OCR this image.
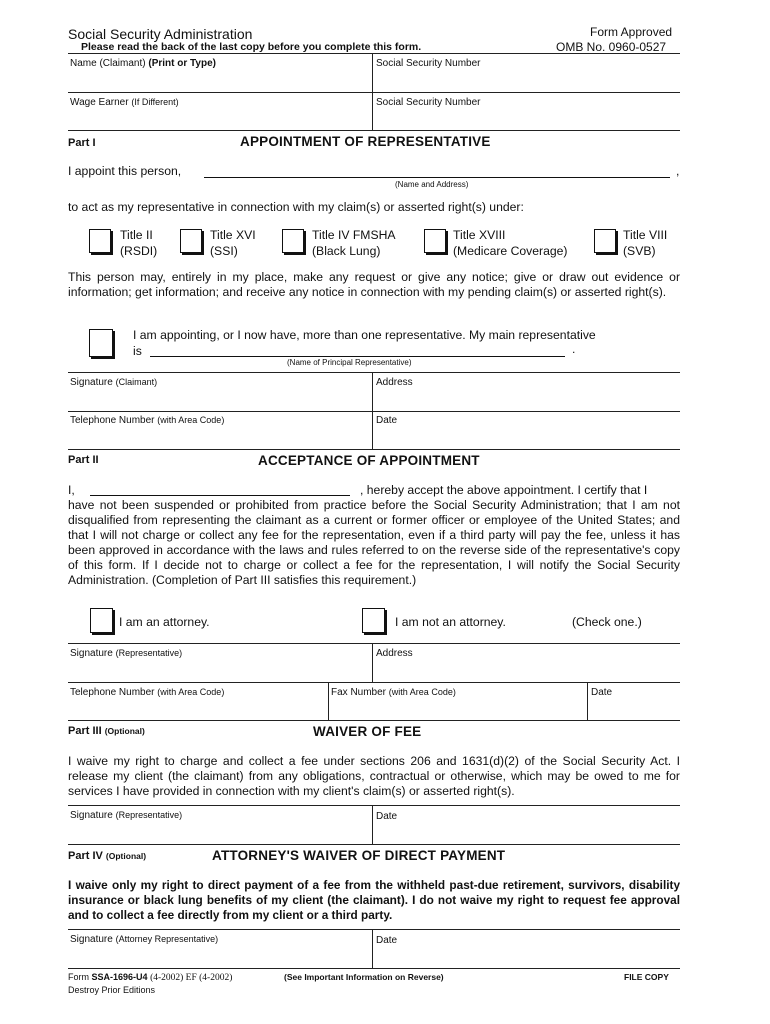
Social Security Administration
Please read the back of the last copy before you complete this form.
Form Approved
OMB No. 0960-0527
Name (Claimant) (Print or Type)	Social Security Number
Wage Earner (If Different)	Social Security Number
Part I	APPOINTMENT OF REPRESENTATIVE
I appoint this person,	,
(Name and Address)
to act as my representative in connection with my claim(s) or asserted right(s) under:
Title II
(RSDI)
Title XVI
(SSI)
Title IV FMSHA
(Black Lung)
Title XVIII
(Medicare Coverage)
Title VIII
(SVB)
This person may, entirely in my place, make any request or give any notice; give or draw out evidence or information; get information; and receive any notice in connection with my pending claim(s) or asserted right(s).
I am appointing, or I now have, more than one representative. My main representative
is	.
(Name of Principal Representative)
Signature (Claimant)	Address
Telephone Number (with Area Code)	Date
Part II	ACCEPTANCE OF APPOINTMENT
I,	, hereby accept the above appointment. I certify that I
have not been suspended or prohibited from practice before the Social Security Administration; that I am not disqualified from representing the claimant as a current or former officer or employee of the United States; and that I will not charge or collect any fee for the representation, even if a third party will pay the fee, unless it has been approved in accordance with the laws and rules referred to on the reverse side of the representative's copy of this form. If I decide not to charge or collect a fee for the representation, I will notify the Social Security Administration. (Completion of Part III satisfies this requirement.)
I am an attorney.	I am not an attorney.	(Check one.)
Signature (Representative)	Address
Telephone Number (with Area Code)	Fax Number (with Area Code)	Date
Part III (Optional)	WAIVER OF FEE
I waive my right to charge and collect a fee under sections 206 and 1631(d)(2) of the Social Security Act. I release my client (the claimant) from any obligations, contractual or otherwise, which may be owed to me for services I have provided in connection with my client's claim(s) or asserted right(s).
Signature (Representative)	Date
Part IV (Optional)	ATTORNEY'S WAIVER OF DIRECT PAYMENT
I waive only my right to direct payment of a fee from the withheld past-due retirement, survivors, disability insurance or black lung benefits of my client (the claimant). I do not waive my right to request fee approval and to collect a fee directly from my client or a third party.
Signature (Attorney Representative)	Date
Form SSA-1696-U4 (4-2002) EF (4-2002)	(See Important Information on Reverse)	FILE COPY
Destroy Prior Editions
